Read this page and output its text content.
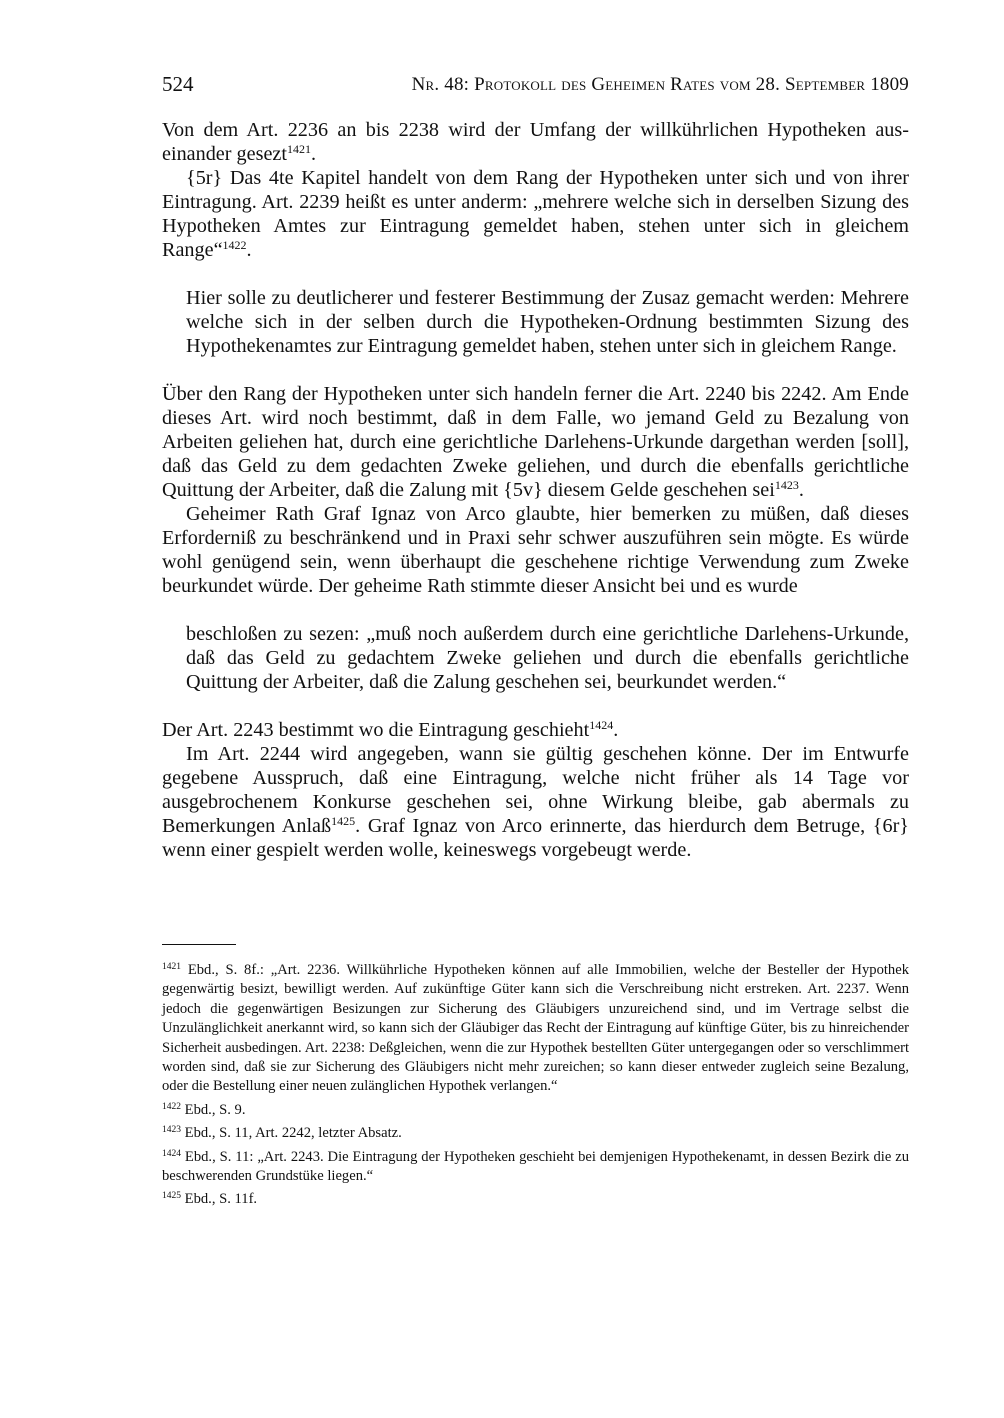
524	Nr. 48: Protokoll des Geheimen Rates vom 28. September 1809

Von dem Art. 2236 an bis 2238 wird der Umfang der willkührlichen Hypotheken auseinander gesezt$^{1421}$.

{5r} Das 4te Kapitel handelt von dem Rang der Hypotheken unter sich und von ihrer Eintragung. Art. 2239 heißt es unter anderm: „mehrere welche sich in derselben Sizung des Hypotheken Amtes zur Eintragung gemeldet haben, stehen unter sich in gleichem Range“$^{1422}$.

Hier solle zu deutlicherer und festerer Bestimmung der Zusaz gemacht werden: Mehrere welche sich in der selben durch die Hypotheken-Ordnung bestimmten Sizung des Hypothekenamtes zur Eintragung gemeldet haben, stehen unter sich in gleichem Range.

Über den Rang der Hypotheken unter sich handeln ferner die Art. 2240 bis 2242. Am Ende dieses Art. wird noch bestimmt, daß in dem Falle, wo jemand Geld zu Bezalung von Arbeiten geliehen hat, durch eine gerichtliche Darlehens-Urkunde dargethan werden [soll], daß das Geld zu dem gedachten Zweke geliehen, und durch die ebenfalls gerichtliche Quittung der Arbeiter, daß die Zalung mit {5v} diesem Gelde geschehen sei$^{1423}$.

Geheimer Rath Graf Ignaz von Arco glaubte, hier bemerken zu müßen, daß dieses Erforderniß zu beschränkend und in Praxi sehr schwer auszuführen sein mögte. Es würde wohl genügend sein, wenn überhaupt die geschehene richtige Verwendung zum Zweke beurkundet würde. Der geheime Rath stimmte dieser Ansicht bei und es wurde

beschloßen zu sezen: „muß noch außerdem durch eine gerichtliche Darlehens-Urkunde, daß das Geld zu gedachtem Zweke geliehen und durch die ebenfalls gerichtliche Quittung der Arbeiter, daß die Zalung geschehen sei, beurkundet werden.“

Der Art. 2243 bestimmt wo die Eintragung geschieht$^{1424}$.

Im Art. 2244 wird angegeben, wann sie gültig geschehen könne. Der im Entwurfe gegebene Ausspruch, daß eine Eintragung, welche nicht früher als 14 Tage vor ausgebrochenem Konkurse geschehen sei, ohne Wirkung bleibe, gab abermals zu Bemerkungen Anlaß$^{1425}$. Graf Ignaz von Arco erinnerte, das hierdurch dem Betruge, {6r} wenn einer gespielt werden wolle, keineswegs vorgebeugt werde.

$^{1421}$ Ebd., S. 8f.: „Art. 2236. Willkührliche Hypotheken können auf alle Immobilien, welche der Besteller der Hypothek gegenwärtig besizt, bewilligt werden. Auf zukünftige Güter kann sich die Verschreibung nicht erstreken. Art. 2237. Wenn jedoch die gegenwärtigen Besizungen zur Sicherung des Gläubigers unzureichend sind, und im Vertrage selbst die Unzulänglichkeit anerkannt wird, so kann sich der Gläubiger das Recht der Eintragung auf künftige Güter, bis zu hinreichender Sicherheit ausbedingen. Art. 2238: Deßgleichen, wenn die zur Hypothek bestellten Güter untergegangen oder so verschlimmert worden sind, daß sie zur Sicherung des Gläubigers nicht mehr zureichen; so kann dieser entweder zugleich seine Bezalung, oder die Bestellung einer neuen zulänglichen Hypothek verlangen.“

$^{1422}$ Ebd., S. 9.

$^{1423}$ Ebd., S. 11, Art. 2242, letzter Absatz.

$^{1424}$ Ebd., S. 11: „Art. 2243. Die Eintragung der Hypotheken geschieht bei demjenigen Hypothekenamt, in dessen Bezirk die zu beschwerenden Grundstüke liegen.“

$^{1425}$ Ebd., S. 11f.
